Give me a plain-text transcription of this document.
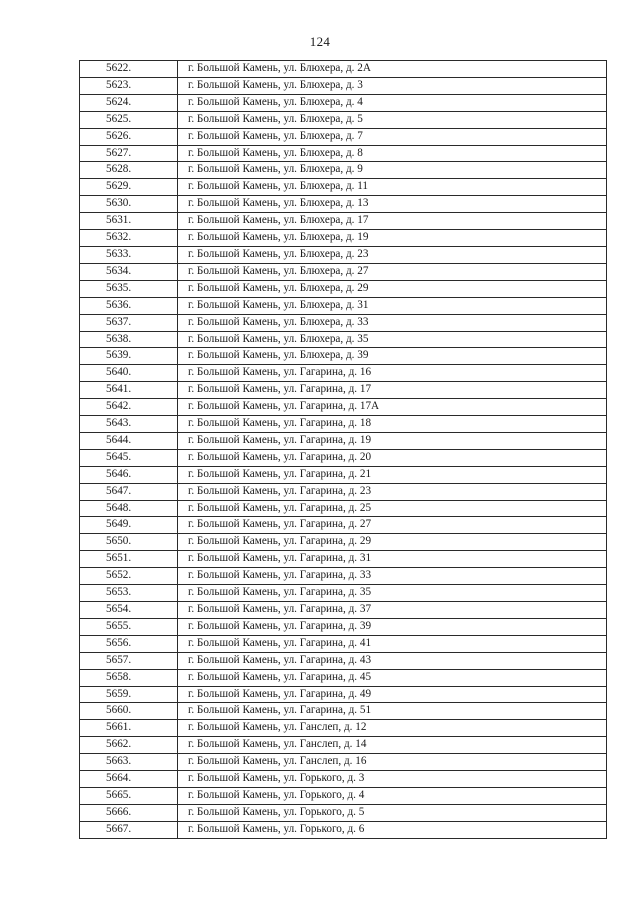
124
5622.	г. Большой Камень, ул. Блюхера, д. 2А
5623.	г. Большой Камень, ул. Блюхера, д. 3
5624.	г. Большой Камень, ул. Блюхера, д. 4
5625.	г. Большой Камень, ул. Блюхера, д. 5
5626.	г. Большой Камень, ул. Блюхера, д. 7
5627.	г. Большой Камень, ул. Блюхера, д. 8
5628.	г. Большой Камень, ул. Блюхера, д. 9
5629.	г. Большой Камень, ул. Блюхера, д. 11
5630.	г. Большой Камень, ул. Блюхера, д. 13
5631.	г. Большой Камень, ул. Блюхера, д. 17
5632.	г. Большой Камень, ул. Блюхера, д. 19
5633.	г. Большой Камень, ул. Блюхера, д. 23
5634.	г. Большой Камень, ул. Блюхера, д. 27
5635.	г. Большой Камень, ул. Блюхера, д. 29
5636.	г. Большой Камень, ул. Блюхера, д. 31
5637.	г. Большой Камень, ул. Блюхера, д. 33
5638.	г. Большой Камень, ул. Блюхера, д. 35
5639.	г. Большой Камень, ул. Блюхера, д. 39
5640.	г. Большой Камень, ул. Гагарина, д. 16
5641.	г. Большой Камень, ул. Гагарина, д. 17
5642.	г. Большой Камень, ул. Гагарина, д. 17А
5643.	г. Большой Камень, ул. Гагарина, д. 18
5644.	г. Большой Камень, ул. Гагарина, д. 19
5645.	г. Большой Камень, ул. Гагарина, д. 20
5646.	г. Большой Камень, ул. Гагарина, д. 21
5647.	г. Большой Камень, ул. Гагарина, д. 23
5648.	г. Большой Камень, ул. Гагарина, д. 25
5649.	г. Большой Камень, ул. Гагарина, д. 27
5650.	г. Большой Камень, ул. Гагарина, д. 29
5651.	г. Большой Камень, ул. Гагарина, д. 31
5652.	г. Большой Камень, ул. Гагарина, д. 33
5653.	г. Большой Камень, ул. Гагарина, д. 35
5654.	г. Большой Камень, ул. Гагарина, д. 37
5655.	г. Большой Камень, ул. Гагарина, д. 39
5656.	г. Большой Камень, ул. Гагарина, д. 41
5657.	г. Большой Камень, ул. Гагарина, д. 43
5658.	г. Большой Камень, ул. Гагарина, д. 45
5659.	г. Большой Камень, ул. Гагарина, д. 49
5660.	г. Большой Камень, ул. Гагарина, д. 51
5661.	г. Большой Камень, ул. Ганслеп, д. 12
5662.	г. Большой Камень, ул. Ганслеп, д. 14
5663.	г. Большой Камень, ул. Ганслеп, д. 16
5664.	г. Большой Камень, ул. Горького, д. 3
5665.	г. Большой Камень, ул. Горького, д. 4
5666.	г. Большой Камень, ул. Горького, д. 5
5667.	г. Большой Камень, ул. Горького, д. 6
